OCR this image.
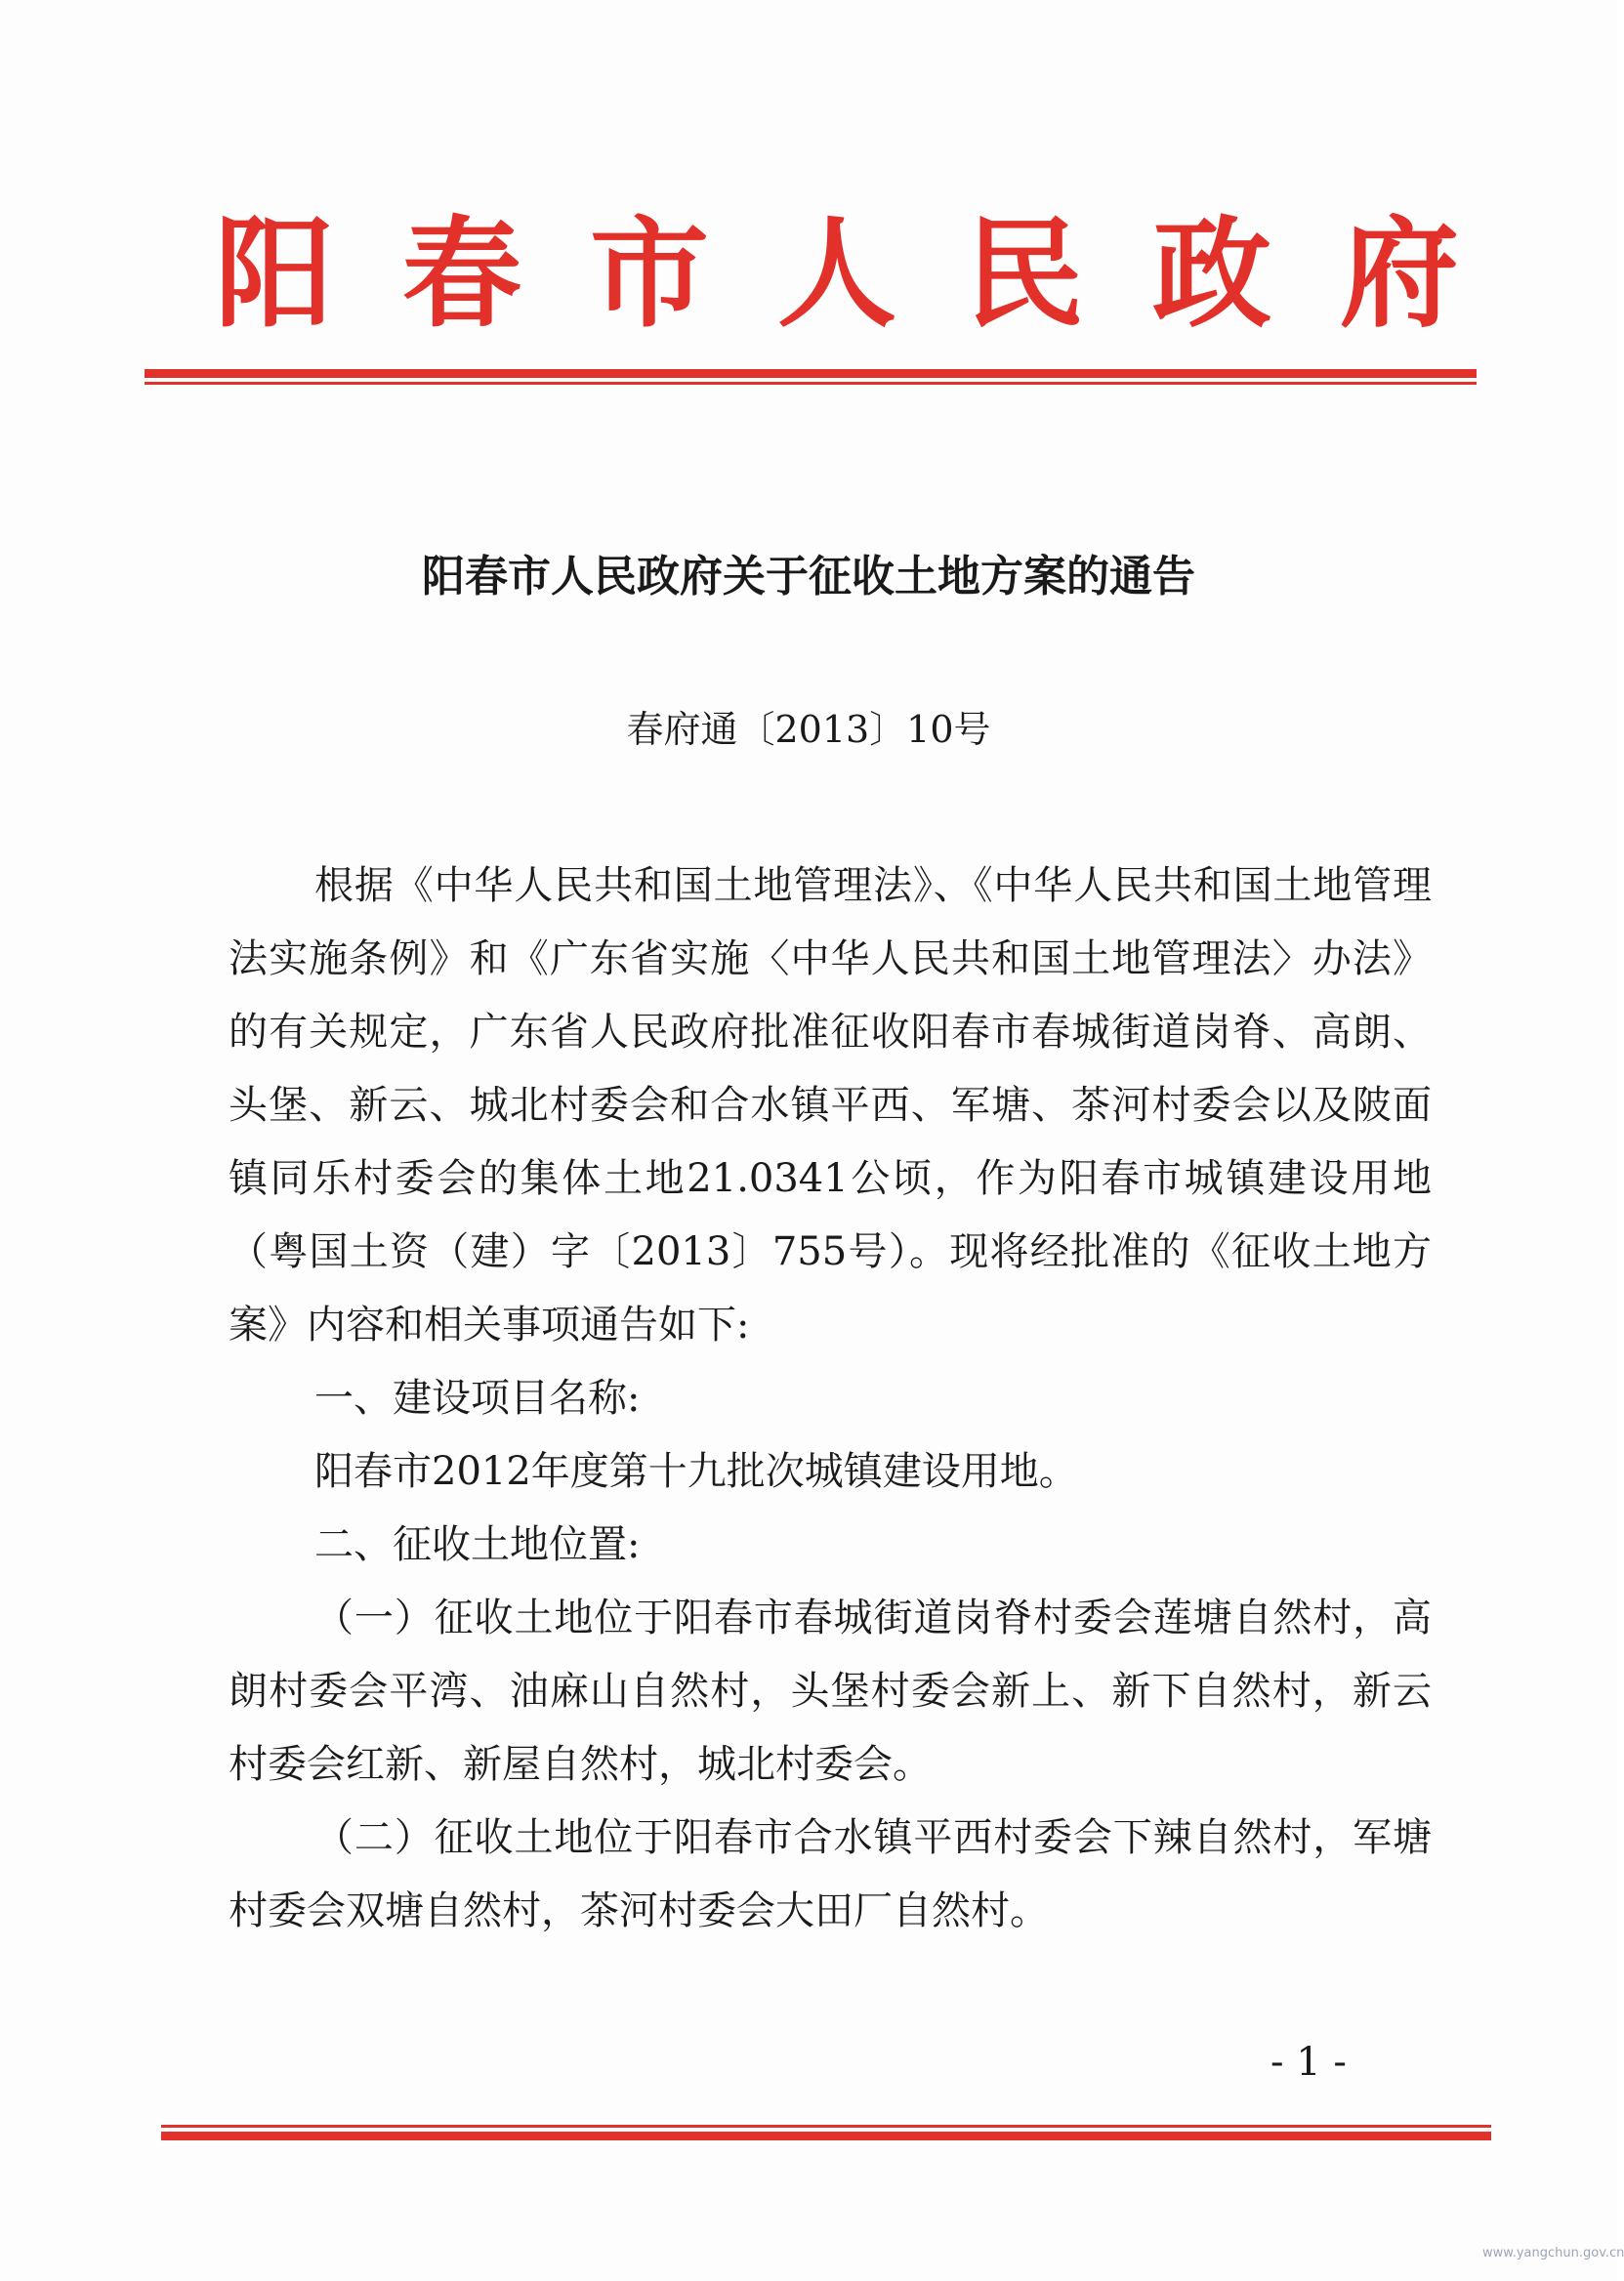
阳春市人民政府
阳春市人民政府关于征收土地方案的通告
春府通〔2013〕10号

根据《中华人民共和国土地管理法》、《中华人民共和国土地管理法实施条例》和《广东省实施〈中华人民共和国土地管理法〉办法》的有关规定，广东省人民政府批准征收阳春市春城街道岗脊、高朗、头堡、新云、城北村委会和合水镇平西、军塘、茶河村委会以及陂面镇同乐村委会的集体土地21.0341公顷，作为阳春市城镇建设用地（粤国土资（建）字〔2013〕755号）。现将经批准的《征收土地方案》内容和相关事项通告如下:

一、建设项目名称:

阳春市2012年度第十九批次城镇建设用地。

二、征收土地位置:

（一）征收土地位于阳春市春城街道岗脊村委会莲塘自然村，高朗村委会平湾、油麻山自然村，头堡村委会新上、新下自然村，新云村委会红新、新屋自然村，城北村委会。

（二）征收土地位于阳春市合水镇平西村委会下辣自然村，军塘村委会双塘自然村，茶河村委会大田厂自然村。

- 1 -
www.yangchun.gov.cn
